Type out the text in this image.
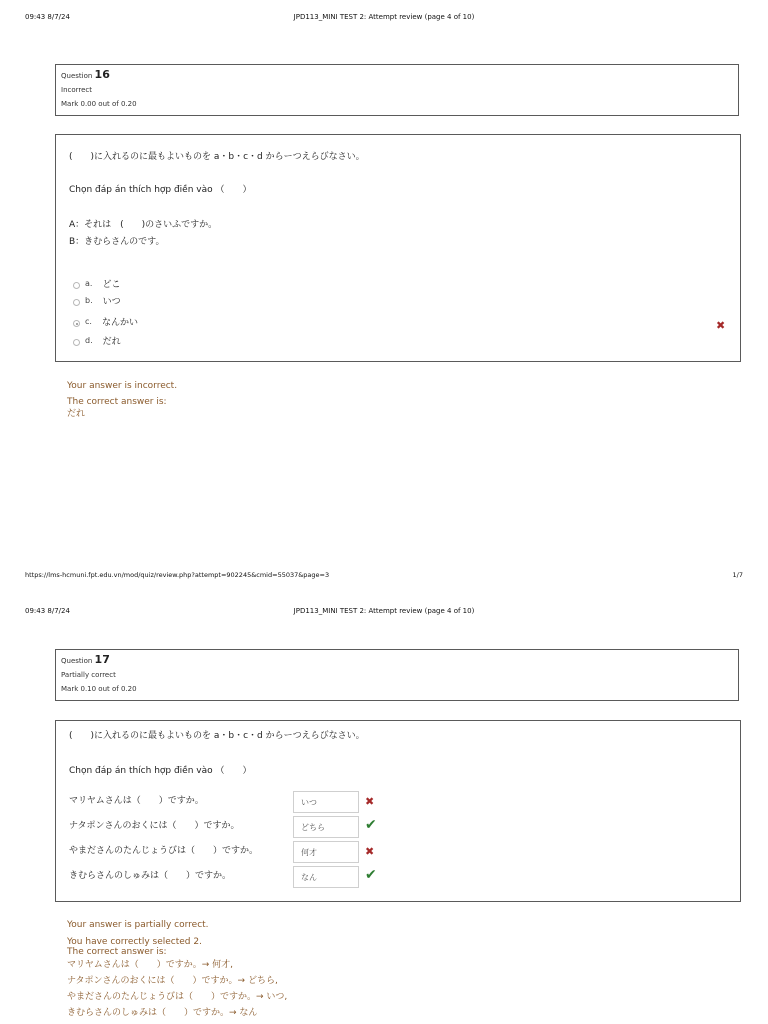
09:43 8/7/24	JPD113_MINI TEST 2: Attempt review (page 4 of 10)
Question 16
Incorrect
Mark 0.00 out of 0.20
(　　)に入れるのに最もよいものを a・b・c・d からーつえらびなさい。
Chọn đáp án thích hợp điền vào （　　）
A：それは　(　　)のさいふですか。
B：きむらさんのです。
a. どこ
b. いつ
c. なんかい
d. だれ
✖
Your answer is incorrect.
The correct answer is:
だれ
https://lms-hcmuni.fpt.edu.vn/mod/quiz/review.php?attempt=902245&cmid=55037&page=3	1/7
09:43 8/7/24	JPD113_MINI TEST 2: Attempt review (page 4 of 10)
Question 17
Partially correct
Mark 0.10 out of 0.20
(　　)に入れるのに最もよいものを a・b・c・d からーつえらびなさい。
Chọn đáp án thích hợp điền vào （　　）
マリヤムさんは（　　）ですか。	いつ	✖
ナタポンさんのおくには（　　）ですか。	どちら	✔
やまださんのたんじょうびは（　　）ですか。	何才	✖
きむらさんのしゅみは（　　）ですか。	なん	✔
Your answer is partially correct.
You have correctly selected 2.
The correct answer is:
マリヤムさんは（　　）ですか。→ 何才,
ナタポンさんのおくには（　　）ですか。→ どちら,
やまださんのたんじょうびは（　　）ですか。→ いつ,
きむらさんのしゅみは（　　）ですか。→ なん
